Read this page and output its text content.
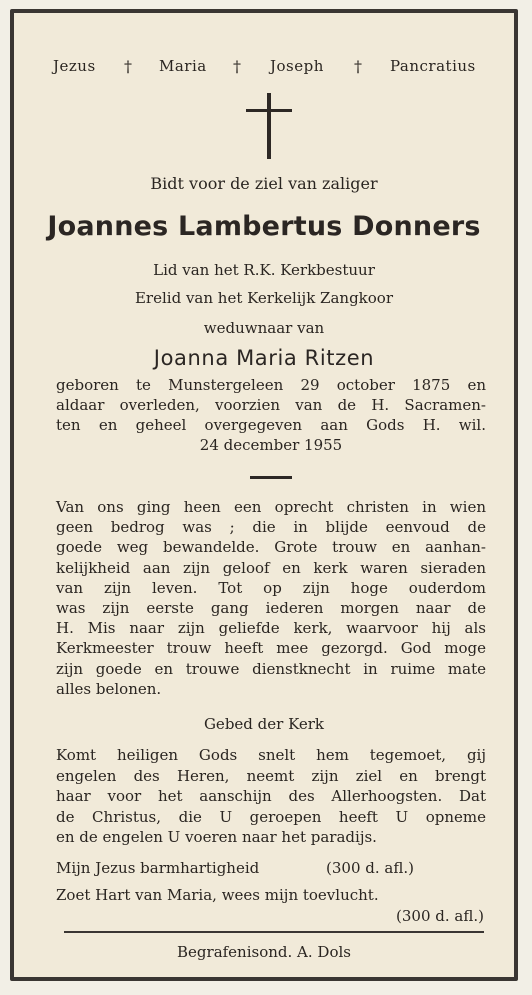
Jezus † Maria † Joseph † Pancratius
Bidt voor de ziel van zaliger
Joannes Lambertus Donners
Lid van het R.K. Kerkbestuur
Erelid van het Kerkelijk Zangkoor
weduwnaar van
Joanna Maria Ritzen
geboren te Munstergeleen 29 october 1875 en
aldaar overleden, voorzien van de H. Sacramen-
ten en geheel overgegeven aan Gods H. wil.
24 december 1955
Van ons ging heen een oprecht christen in wien
geen bedrog was ; die in blijde eenvoud de
goede weg bewandelde. Grote trouw en aanhan-
kelijkheid aan zijn geloof en kerk waren sieraden
van zijn leven. Tot op zijn hoge ouderdom
was zijn eerste gang iederen morgen naar de
H. Mis naar zijn geliefde kerk, waarvoor hij als
Kerkmeester trouw heeft mee gezorgd. God moge
zijn goede en trouwe dienstknecht in ruime mate
alles belonen.
Gebed der Kerk
Komt heiligen Gods snelt hem tegemoet, gij
engelen des Heren, neemt zijn ziel en brengt
haar voor het aanschijn des Allerhoogsten. Dat
de Christus, die U geroepen heeft U opneme
en de engelen U voeren naar het paradijs.
Mijn Jezus barmhartigheid	(300 d. afl.)
Zoet Hart van Maria, wees mijn toevlucht.
(300 d. afl.)
Begrafenisond. A. Dols
